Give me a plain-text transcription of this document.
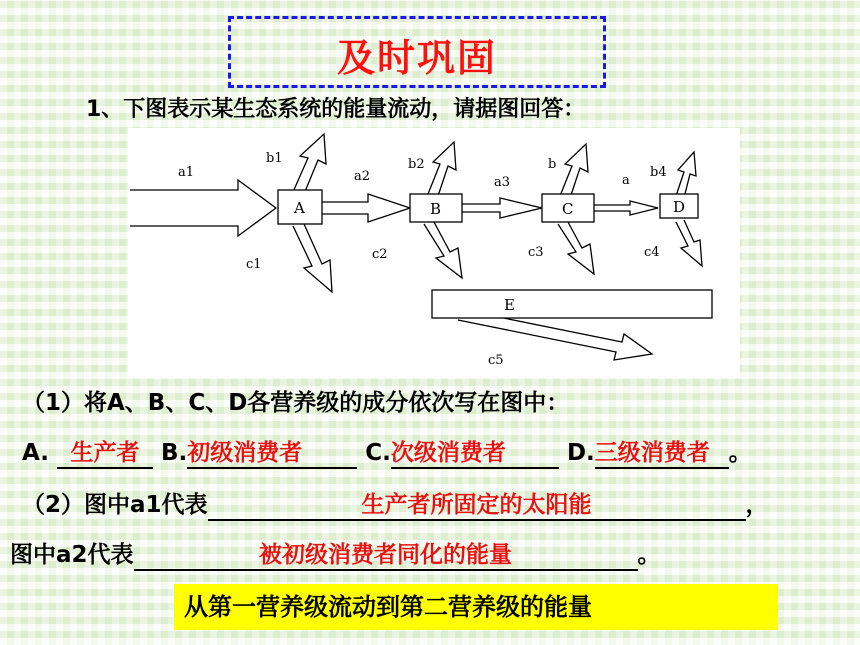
及时巩固
1、下图表示某生态系统的能量流动，请据图回答：
A	B	C	D
E
a1	a2	a3	a
b1	b2	b
b4
c1
c2	c3	c4
c5
（1）将A、B、C、D各营养级的成分依次写在图中：
A. 生产者 B.初级消费者	C.次级消费者	D.三级消费者 。
（2）图中a1代表	生产者所固定的太阳能	，
图中a2代表	被初级消费者同化的能量	。
从第一营养级流动到第二营养级的能量
